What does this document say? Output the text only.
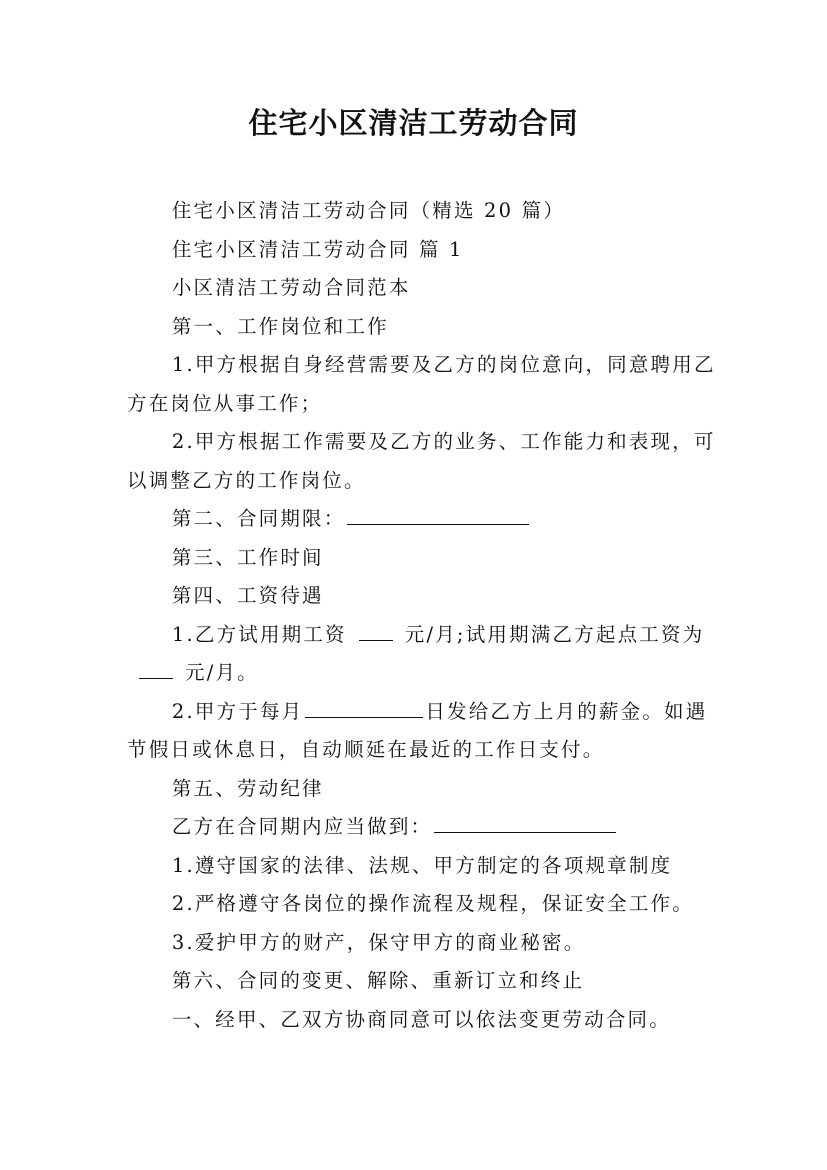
住宅小区清洁工劳动合同

住宅小区清洁工劳动合同（精选 20 篇）

住宅小区清洁工劳动合同 篇 1

小区清洁工劳动合同范本

第一、工作岗位和工作

1.甲方根据自身经营需要及乙方的岗位意向，同意聘用乙方在岗位从事工作；

2.甲方根据工作需要及乙方的业务、工作能力和表现，可以调整乙方的工作岗位。

第二、合同期限：

第三、工作时间

第四、工资待遇

1.乙方试用期工资	元/月;试用期满乙方起点工资为元/月。

2.甲方于每月	日发给乙方上月的薪金。如遇节假日或休息日，自动顺延在最近的工作日支付。

第五、劳动纪律

乙方在合同期内应当做到：

1.遵守国家的法律、法规、甲方制定的各项规章制度

2.严格遵守各岗位的操作流程及规程，保证安全工作。

3.爱护甲方的财产，保守甲方的商业秘密。

第六、合同的变更、解除、重新订立和终止

一、经甲、乙双方协商同意可以依法变更劳动合同。
